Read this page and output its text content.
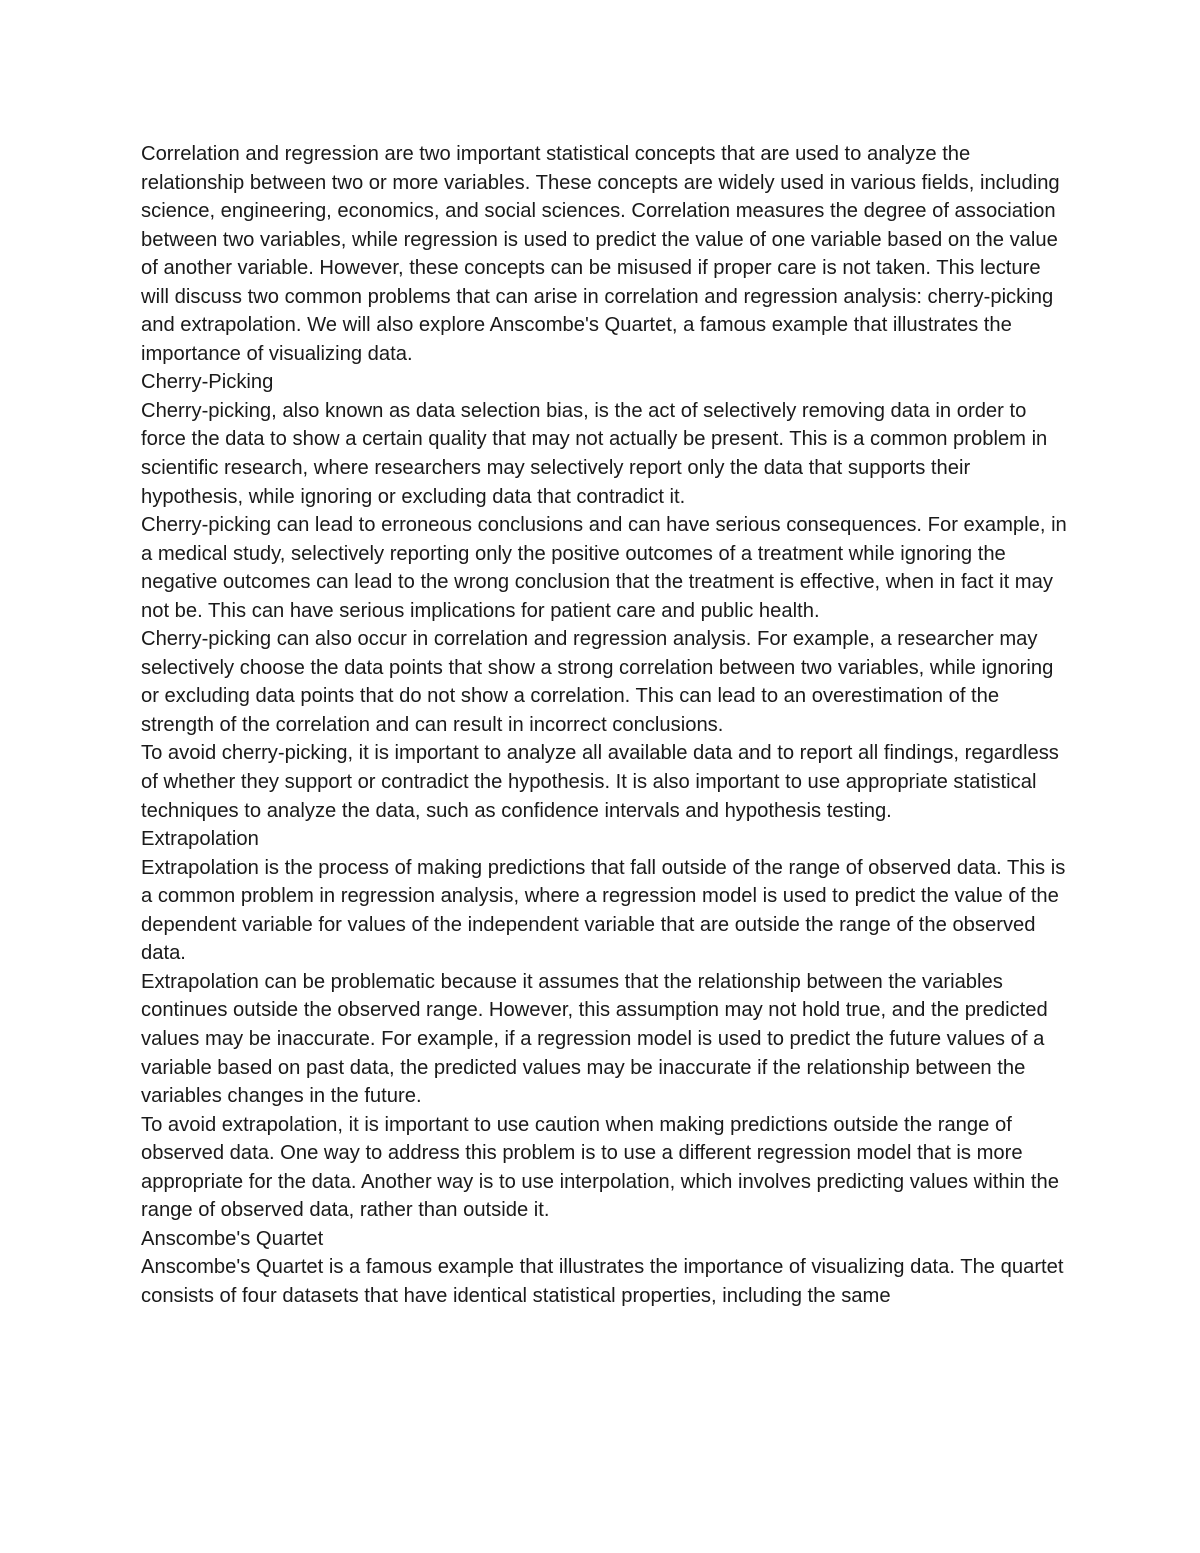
Correlation and regression are two important statistical concepts that are used to analyze the relationship between two or more variables. These concepts are widely used in various fields, including science, engineering, economics, and social sciences. Correlation measures the degree of association between two variables, while regression is used to predict the value of one variable based on the value of another variable. However, these concepts can be misused if proper care is not taken. This lecture will discuss two common problems that can arise in correlation and regression analysis: cherry-picking and extrapolation. We will also explore Anscombe's Quartet, a famous example that illustrates the importance of visualizing data.

Cherry-Picking

Cherry-picking, also known as data selection bias, is the act of selectively removing data in order to force the data to show a certain quality that may not actually be present. This is a common problem in scientific research, where researchers may selectively report only the data that supports their hypothesis, while ignoring or excluding data that contradict it.

Cherry-picking can lead to erroneous conclusions and can have serious consequences. For example, in a medical study, selectively reporting only the positive outcomes of a treatment while ignoring the negative outcomes can lead to the wrong conclusion that the treatment is effective, when in fact it may not be. This can have serious implications for patient care and public health.

Cherry-picking can also occur in correlation and regression analysis. For example, a researcher may selectively choose the data points that show a strong correlation between two variables, while ignoring or excluding data points that do not show a correlation. This can lead to an overestimation of the strength of the correlation and can result in incorrect conclusions.

To avoid cherry-picking, it is important to analyze all available data and to report all findings, regardless of whether they support or contradict the hypothesis. It is also important to use appropriate statistical techniques to analyze the data, such as confidence intervals and hypothesis testing.

Extrapolation

Extrapolation is the process of making predictions that fall outside of the range of observed data. This is a common problem in regression analysis, where a regression model is used to predict the value of the dependent variable for values of the independent variable that are outside the range of the observed data.

Extrapolation can be problematic because it assumes that the relationship between the variables continues outside the observed range. However, this assumption may not hold true, and the predicted values may be inaccurate. For example, if a regression model is used to predict the future values of a variable based on past data, the predicted values may be inaccurate if the relationship between the variables changes in the future.

To avoid extrapolation, it is important to use caution when making predictions outside the range of observed data. One way to address this problem is to use a different regression model that is more appropriate for the data. Another way is to use interpolation, which involves predicting values within the range of observed data, rather than outside it.

Anscombe's Quartet

Anscombe's Quartet is a famous example that illustrates the importance of visualizing data. The quartet consists of four datasets that have identical statistical properties, including the same
